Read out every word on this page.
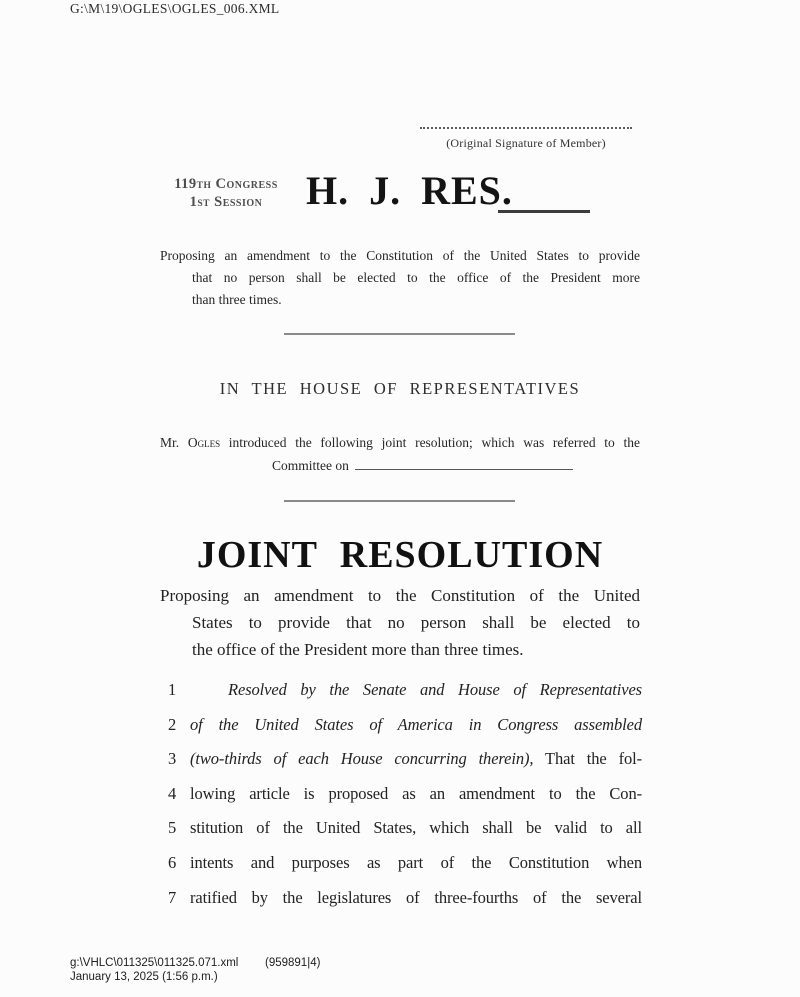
G:\M\19\OGLES\OGLES_006.XML
(Original Signature of Member)
119TH Congress
1ST Session	H. J. RES.
Proposing an amendment to the Constitution of the United States to provide
that no person shall be elected to the office of the President more
than three times.
IN THE HOUSE OF REPRESENTATIVES
Mr. Ogles introduced the following joint resolution; which was referred to the
Committee on
JOINT RESOLUTION
Proposing an amendment to the Constitution of the United
States to provide that no person shall be elected to
the office of the President more than three times.
1	Resolved by the Senate and House of Representatives
2 of the United States of America in Congress assembled
3 (two-thirds of each House concurring therein), That the fol-
4 lowing article is proposed as an amendment to the Con-
5 stitution of the United States, which shall be valid to all
6 intents and purposes as part of the Constitution when
7 ratified by the legislatures of three-fourths of the several
g:\VHLC\011325\011325.071.xml (959891|4)
January 13, 2025 (1:56 p.m.)
